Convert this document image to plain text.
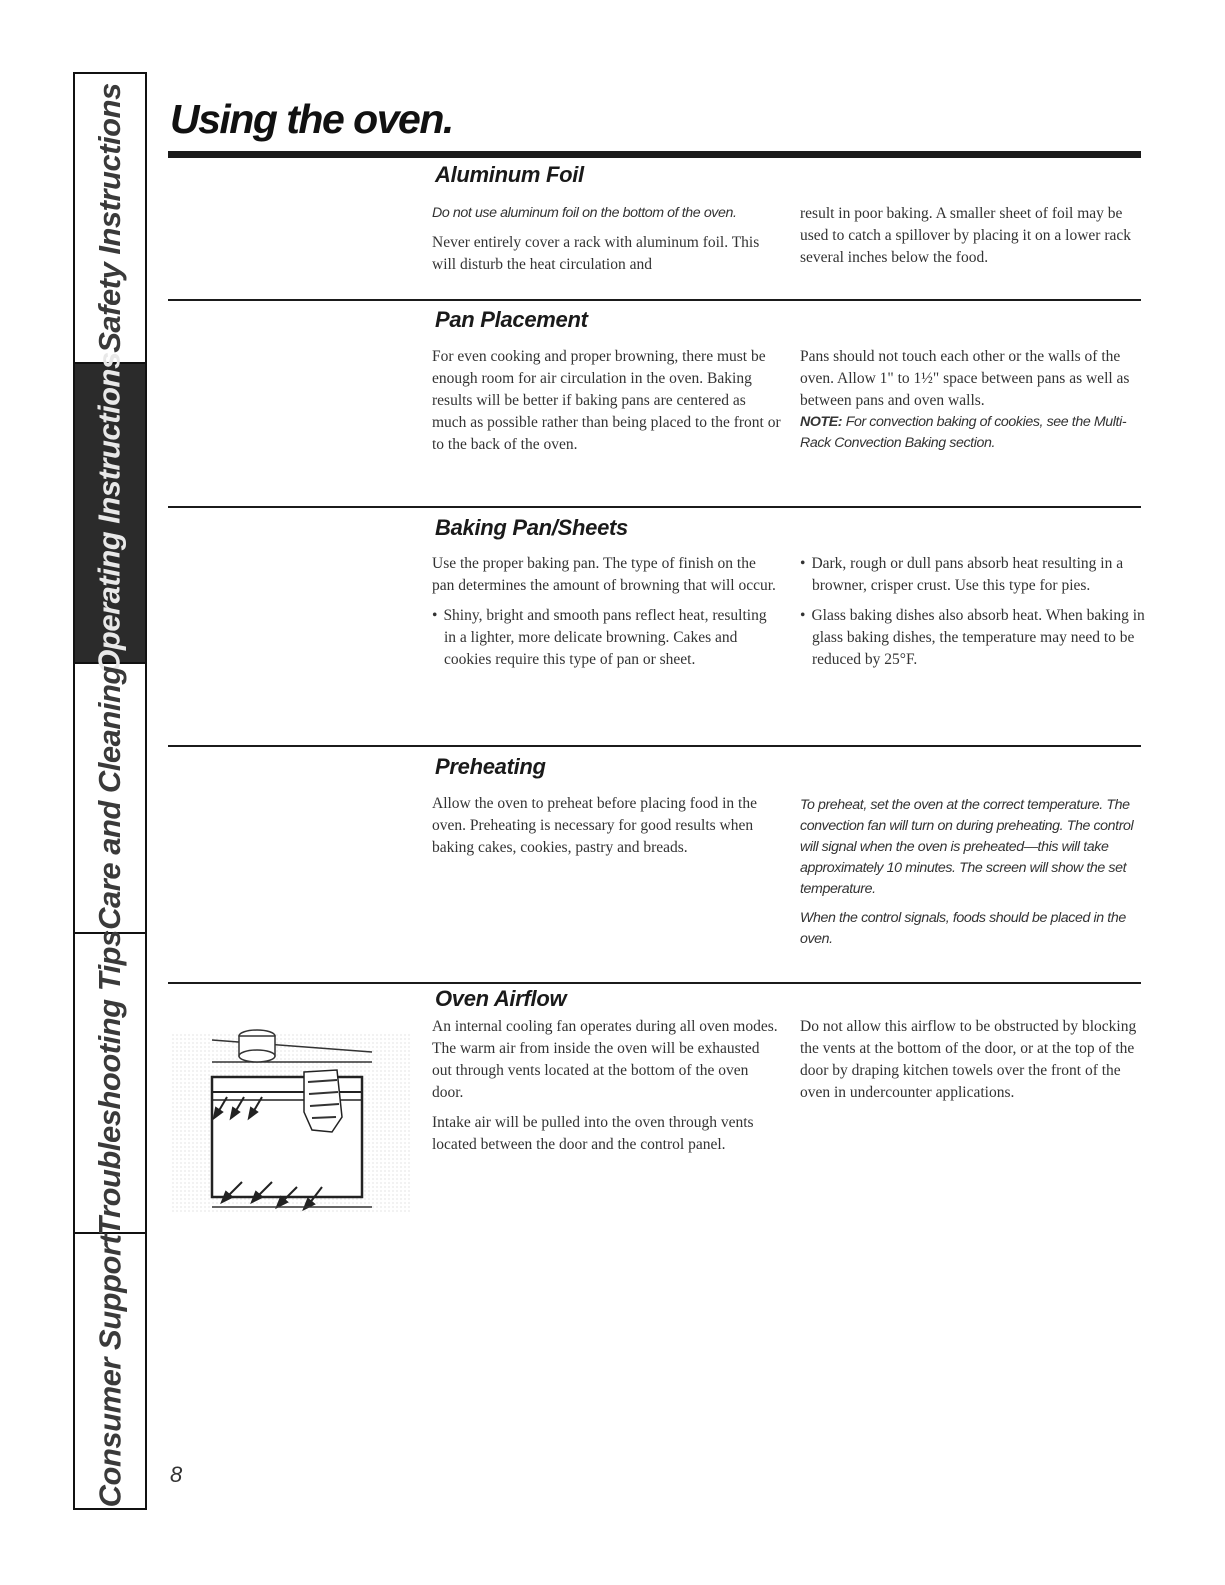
Safety Instructions
Operating Instructions
Care and Cleaning
Troubleshooting Tips
Consumer Support
Using the oven.
Aluminum Foil

Do not use aluminum foil on the bottom of the oven.

Never entirely cover a rack with aluminum foil. This will disturb the heat circulation and

result in poor baking. A smaller sheet of foil may be used to catch a spillover by placing it on a lower rack several inches below the food.

Pan Placement

For even cooking and proper browning, there must be enough room for air circulation in the oven. Baking results will be better if baking pans are centered as much as possible rather than being placed to the front or to the back of the oven.

Pans should not touch each other or the walls of the oven. Allow 1" to 1½" space between pans as well as between pans and oven walls.

NOTE: For convection baking of cookies, see the Multi-Rack Convection Baking section.

Baking Pan/Sheets

Use the proper baking pan. The type of finish on the pan determines the amount of browning that will occur.

• Shiny, bright and smooth pans reflect heat, resulting in a lighter, more delicate browning. Cakes and cookies require this type of pan or sheet.
• Dark, rough or dull pans absorb heat resulting in a browner, crisper crust. Use this type for pies.
• Glass baking dishes also absorb heat. When baking in glass baking dishes, the temperature may need to be reduced by 25°F.
Preheating

Allow the oven to preheat before placing food in the oven. Preheating is necessary for good results when baking cakes, cookies, pastry and breads.

To preheat, set the oven at the correct temperature. The convection fan will turn on during preheating. The control will signal when the oven is preheated—this will take approximately 10 minutes. The screen will show the set temperature.

When the control signals, foods should be placed in the oven.

Oven Airflow

An internal cooling fan operates during all oven modes. The warm air from inside the oven will be exhausted out through vents located at the bottom of the oven door.

Intake air will be pulled into the oven through vents located between the door and the control panel.

Do not allow this airflow to be obstructed by blocking the vents at the bottom of the door, or at the top of the door by draping kitchen towels over the front of the oven in undercounter applications.

8
